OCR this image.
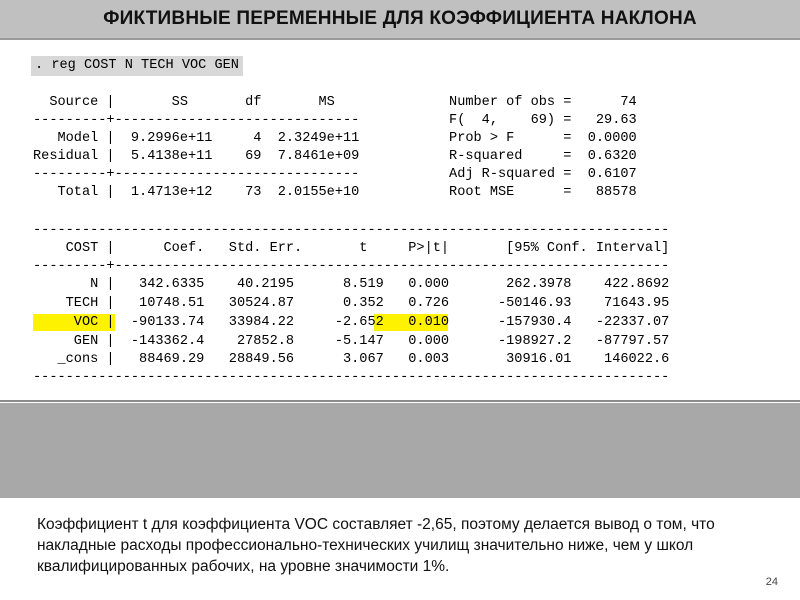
ФИКТИВНЫЕ ПЕРЕМЕННЫЕ ДЛЯ КОЭФФИЦИЕНТА НАКЛОНА
. reg COST N TECH VOC GEN
Source |       SS       df       MS              Number of obs =      74
---------+------------------------------           F(  4,    69) =   29.63
Model |  9.2996e+11     4  2.3249e+11           Prob > F      =  0.0000
Residual |  5.4138e+11    69  7.8461e+09           R-squared     =  0.6320
---------+------------------------------           Adj R-squared =  0.6107
Total |  1.4713e+12    73  2.0155e+10           Root MSE      =   88578
------------------------------------------------------------------------------
COST |      Coef.   Std. Err.       t     P>|t|       [95% Conf. Interval]
---------+--------------------------------------------------------------------
N |   342.6335    40.2195      8.519   0.000       262.3978    422.8692
TECH |   10748.51   30524.87      0.352   0.726      -50146.93    71643.95
VOC |  -90133.74   33984.22     -2.652   0.010      -157930.4   -22337.07
GEN |  -143362.4    27852.8     -5.147   0.000      -198927.2   -87797.57
_cons |   88469.29   28849.56      3.067   0.003       30916.01    146022.6
------------------------------------------------------------------------------
Коэффициент t для коэффициента VOC составляет -2,65, поэтому делается вывод о том, что накладные расходы профессионально-технических училищ значительно ниже, чем у школ квалифицированных рабочих, на уровне значимости 1%.
24
